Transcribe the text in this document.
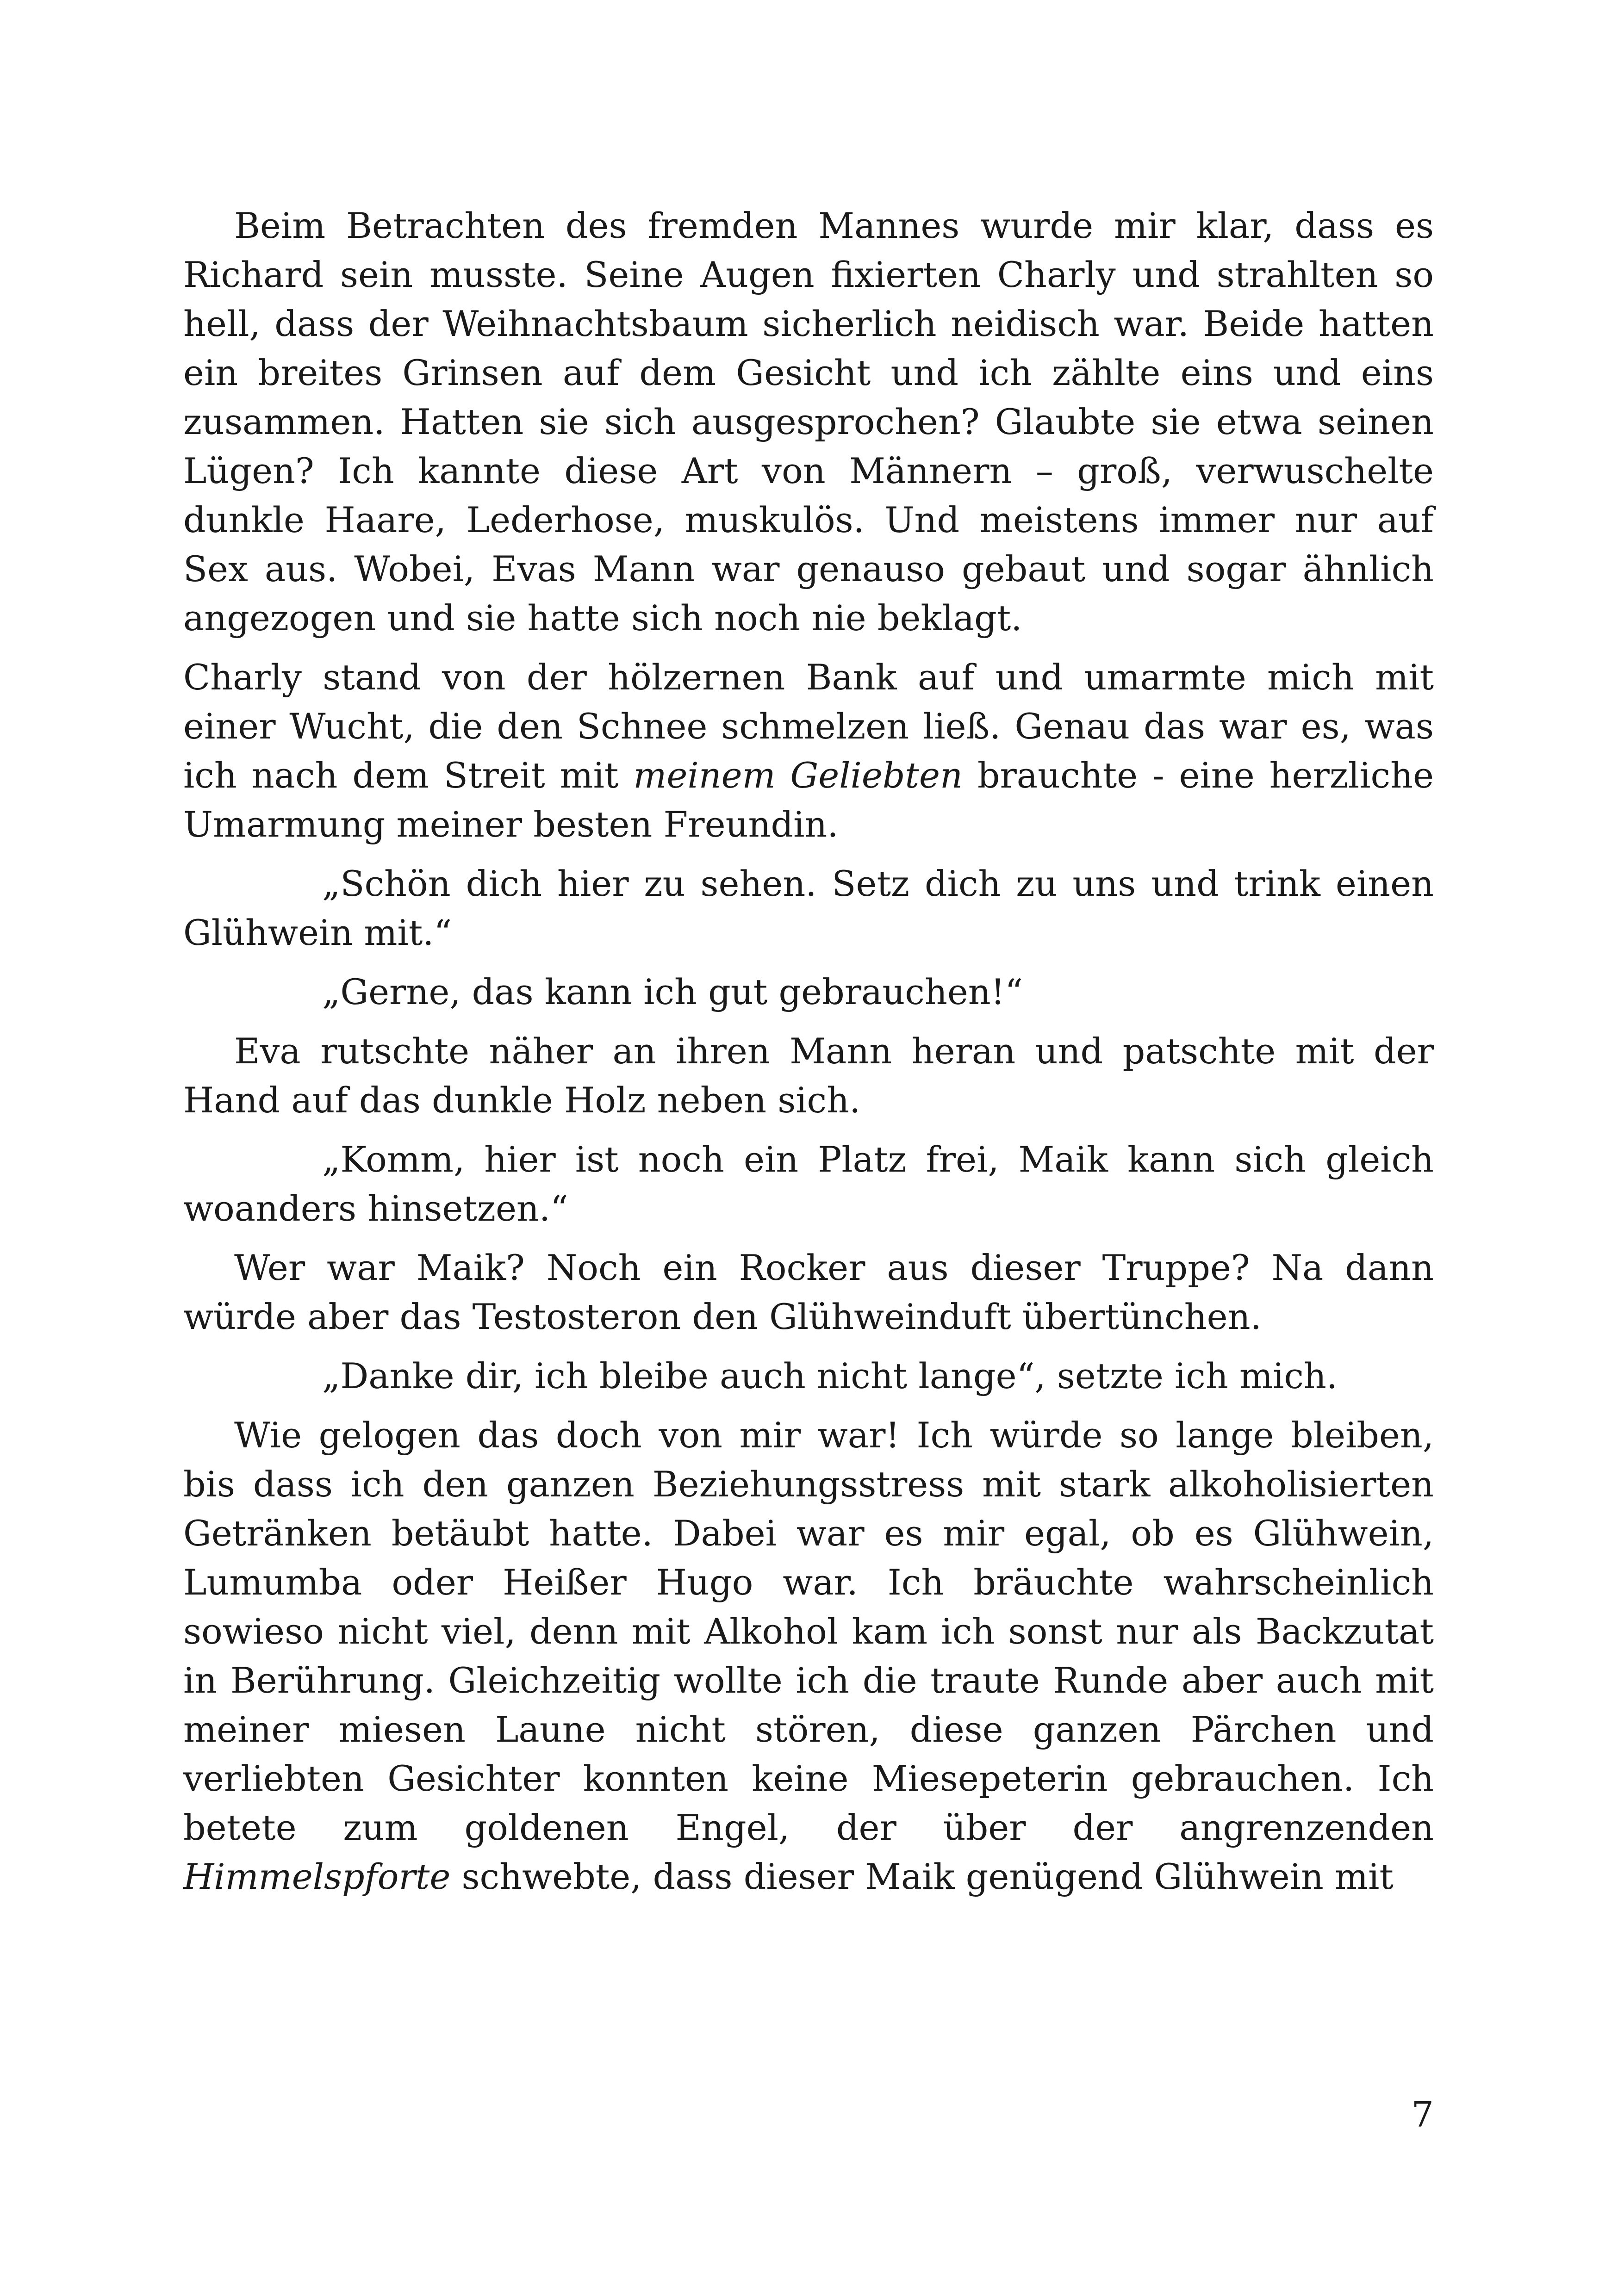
Beim Betrachten des fremden Mannes wurde mir klar, dass es Richard sein musste. Seine Augen fixierten Charly und strahlten so hell, dass der Weihnachtsbaum sicherlich neidisch war. Beide hatten ein breites Grinsen auf dem Gesicht und ich zählte eins und eins zusammen. Hatten sie sich ausgesprochen? Glaubte sie etwa seinen Lügen? Ich kannte diese Art von Männern – groß, verwuschelte dunkle Haare, Lederhose, muskulös. Und meistens immer nur auf Sex aus. Wobei, Evas Mann war genauso gebaut und sogar ähnlich angezogen und sie hatte sich noch nie beklagt.

Charly stand von der hölzernen Bank auf und umarmte mich mit einer Wucht, die den Schnee schmelzen ließ. Genau das war es, was ich nach dem Streit mit meinem Geliebten brauchte - eine herzliche Umarmung meiner besten Freundin.

„Schön dich hier zu sehen. Setz dich zu uns und trink einen Glühwein mit.“

„Gerne, das kann ich gut gebrauchen!“

Eva rutschte näher an ihren Mann heran und patschte mit der Hand auf das dunkle Holz neben sich.

„Komm, hier ist noch ein Platz frei, Maik kann sich gleich woanders hinsetzen.“

Wer war Maik? Noch ein Rocker aus dieser Truppe? Na dann würde aber das Testosteron den Glühweinduft übertünchen.

„Danke dir, ich bleibe auch nicht lange“, setzte ich mich.

Wie gelogen das doch von mir war! Ich würde so lange bleiben, bis dass ich den ganzen Beziehungsstress mit stark alkoholisierten Getränken betäubt hatte. Dabei war es mir egal, ob es Glühwein, Lumumba oder Heißer Hugo war. Ich bräuchte wahrscheinlich sowieso nicht viel, denn mit Alkohol kam ich sonst nur als Backzutat in Berührung. Gleichzeitig wollte ich die traute Runde aber auch mit meiner miesen Laune nicht stören, diese ganzen Pärchen und verliebten Gesichter konnten keine Miesepeterin gebrauchen. Ich betete zum goldenen Engel, der über der angrenzenden Himmelspforte schwebte, dass dieser Maik genügend Glühwein mit

7
